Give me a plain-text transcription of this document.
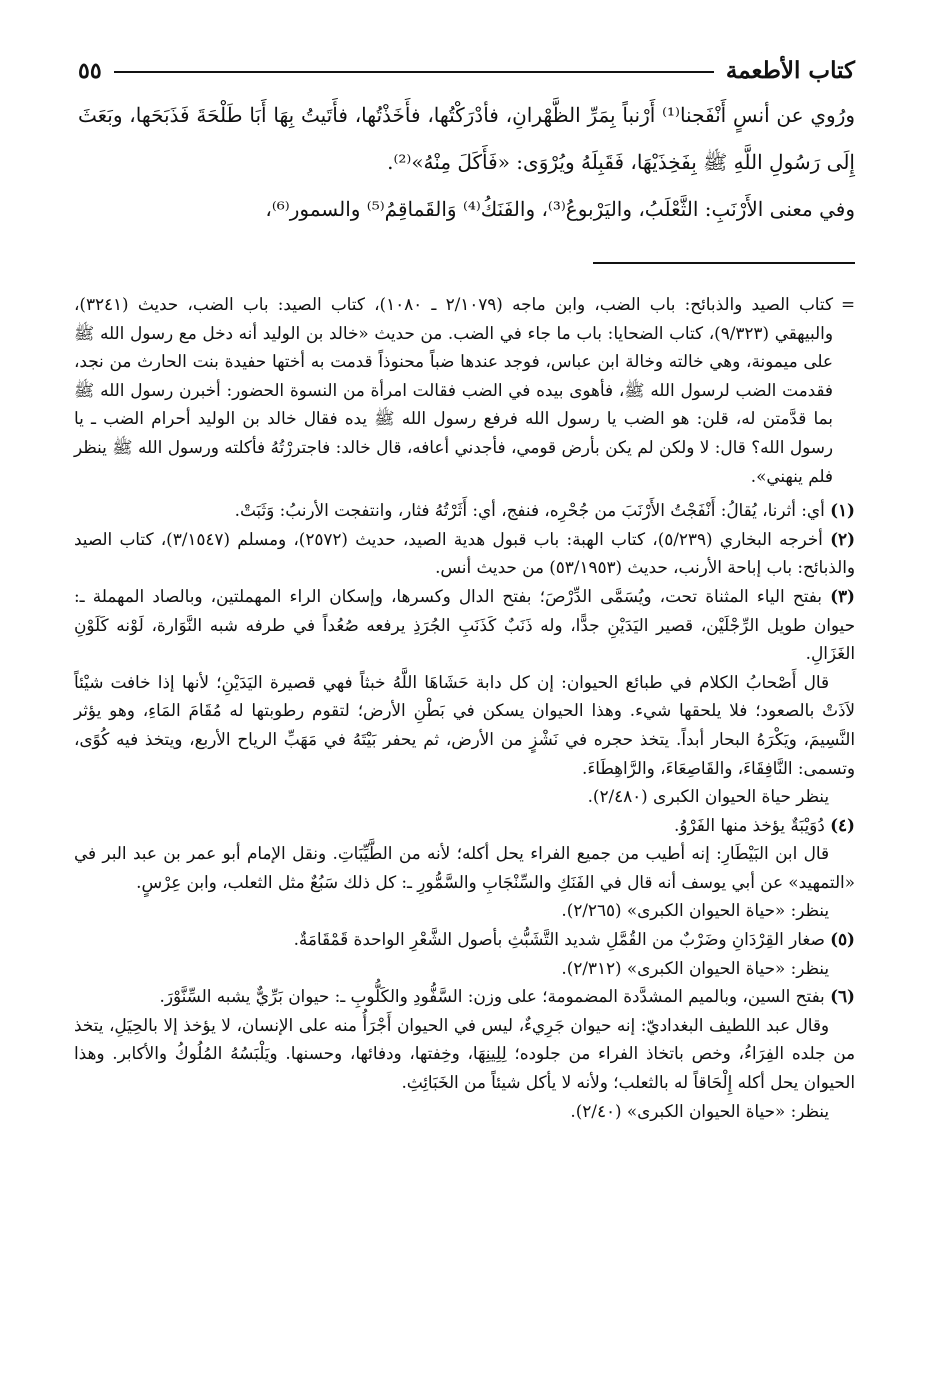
كتاب الأطعمة
٥٥

ورُوي عن أنسٍ أَنْفَجنا⁽¹⁾ أَرْنباً بِمَرِّ الظَّهْرانِ، فأدْرَكْتُها، فأَخَذْتُها، فأَتَيتُ بِهَا أَبَا طَلْحَةَ فَذَبَحَها، وبَعَثَ إِلَى رَسُولِ اللَّهِ ﷺ بِفَخِذَيْهَا، فَقَبِلَهُ ويُرْوَى: «فَأَكَلَ مِنْهُ»⁽²⁾.

وفي معنى الأَرْنَبِ: الثَّعْلَبُ، واليَرْبوعُ⁽³⁾، والفَنَكُ⁽⁴⁾ وَالقَماقِمُ⁽⁵⁾ والسمور⁽⁶⁾،

=
كتاب الصيد والذبائح: باب الضب، وابن ماجه (٢/١٠٧٩ ـ ١٠٨٠)، كتاب الصيد: باب الضب، حديث (٣٢٤١)، والبيهقي (٩/٣٢٣)، كتاب الضحايا: باب ما جاء في الضب. من حديث «خالد بن الوليد أنه دخل مع رسول الله ﷺ على ميمونة، وهي خالته وخالة ابن عباس، فوجد عندها ضباً محنوذاً قدمت به أختها حفيدة بنت الحارث من نجد، فقدمت الضب لرسول الله ﷺ، فأهوى بيده في الضب فقالت امرأة من النسوة الحضور: أخبرن رسول الله ﷺ بما قدَّمتن له، قلن: هو الضب يا رسول الله فرفع رسول الله ﷺ يده فقال خالد بن الوليد أحرام الضب ـ يا رسول الله؟ قال: لا ولكن لم يكن بأرض قومي، فأجدني أعافه، قال خالد: فاجتررْتُهُ فأكلته ورسول الله ﷺ ينظر فلم ينهني».

(١) أي: أثرنا، يُقالُ: أَنْفَجْتُ الأَرْنَبَ من جُحْرِه، فنفج، أي: أَثَرْتُهُ فثار، وانتفجت الأرنبُ: وَثَبَتْ.

(٢) أخرجه البخاري (٥/٢٣٩)، كتاب الهبة: باب قبول هدية الصيد، حديث (٢٥٧٢)، ومسلم (٣/١٥٤٧)، كتاب الصيد والذبائح: باب إباحة الأرنب، حديث (٥٣/١٩٥٣) من حديث أنس.

(٣) بفتح الياء المثناة تحت، ويُسَمَّى الدِّرْصَ؛ بفتح الدال وكسرها، وإسكان الراء المهملتين، وبالصاد المهملة ـ: حيوان طويل الرِّجْلَيْن، قصير اليَدَيْنِ جدًّا، وله ذَنَبٌ كَذَنَبِ الجُرَذِ يرفعه صُعُداً في طرفه شبه النَّوَارة، لَوْنه كَلَوْنِ الغَزَالِ.

قال أَصْحابُ الكلام في طبائع الحيوان: إن كل دابة حَشَاهَا اللَّهُ خبثاً فهي قصيرة اليَدَيْنِ؛ لأنها إذا خافت شيْئاً لاَذَتْ بالصعود؛ فلا يلحقها شيء. وهذا الحيوان يسكن في بَطْنِ الأرض؛ لتقوم رطوبتها له مُقَامَ المَاءِ، وهو يؤثر النَّسِيمَ، ويَكْرَهُ البحار أبداً. يتخذ حجره في نَشْزٍ من الأرض، ثم يحفر بَيْتَهُ في مَهَبِّ الرياح الأربع، ويتخذ فيه كُوًى، وتسمى: النَّافِقَاءَ، والقَاصِعَاءَ، والرَّاهِطَاءَ.

ينظر حياة الحيوان الكبرى (٢/٤٨٠).

(٤) دُوَيْبَةٌ يؤخذ منها الفَرْوُ.

قال ابن البَيْطَارِ: إنه أطيب من جميع الفراء يحل أكله؛ لأنه من الطَّيِّبَاتِ. ونقل الإمام أبو عمر بن عبد البر في «التمهيد» عن أبي يوسف أنه قال في الفَنَكِ والسِّنْجَابِ والسَّمُّورِ ـ: كل ذلك سَبُعٌ مثل الثعلب، وابن عِرْسٍ.

ينظر: «حياة الحيوان الكبرى» (٢/٢٦٥).

(٥) صغار القِرْدَانِ وضَرْبٌ من القُمَّلِ شديد التَّشَبُّثِ بأصول الشَّعْرِ الواحدة قَمْقَامَةٌ.

ينظر: «حياة الحيوان الكبرى» (٢/٣١٢).

(٦) بفتح السين، وبالميم المشدَّدة المضمومة؛ على وزن: السَّفُّودِ والكَلُّوبِ ـ: حيوان بَرِّيٌّ يشبه السِّنَّوْرَ.

وقال عبد اللطيف البغداديّ: إنه حيوان جَرِيءٌ، ليس في الحيوان أَجْرَأُ منه على الإنسان، لا يؤخذ إلا بالحِيَلِ، يتخذ من جلده الفِرَاءُ، وخص باتخاذ الفراء من جلوده؛ لِلِينِهَا، وخِفتها، ودفائها، وحسنها. ويَلْبَسُهُ المُلُوكُ والأكابر. وهذا الحيوان يحل أكله إِلْحَاقاً له بالثعلب؛ ولأنه لا يأكل شيئاً من الخَبَائِثِ.

ينظر: «حياة الحيوان الكبرى» (٢/٤٠).
